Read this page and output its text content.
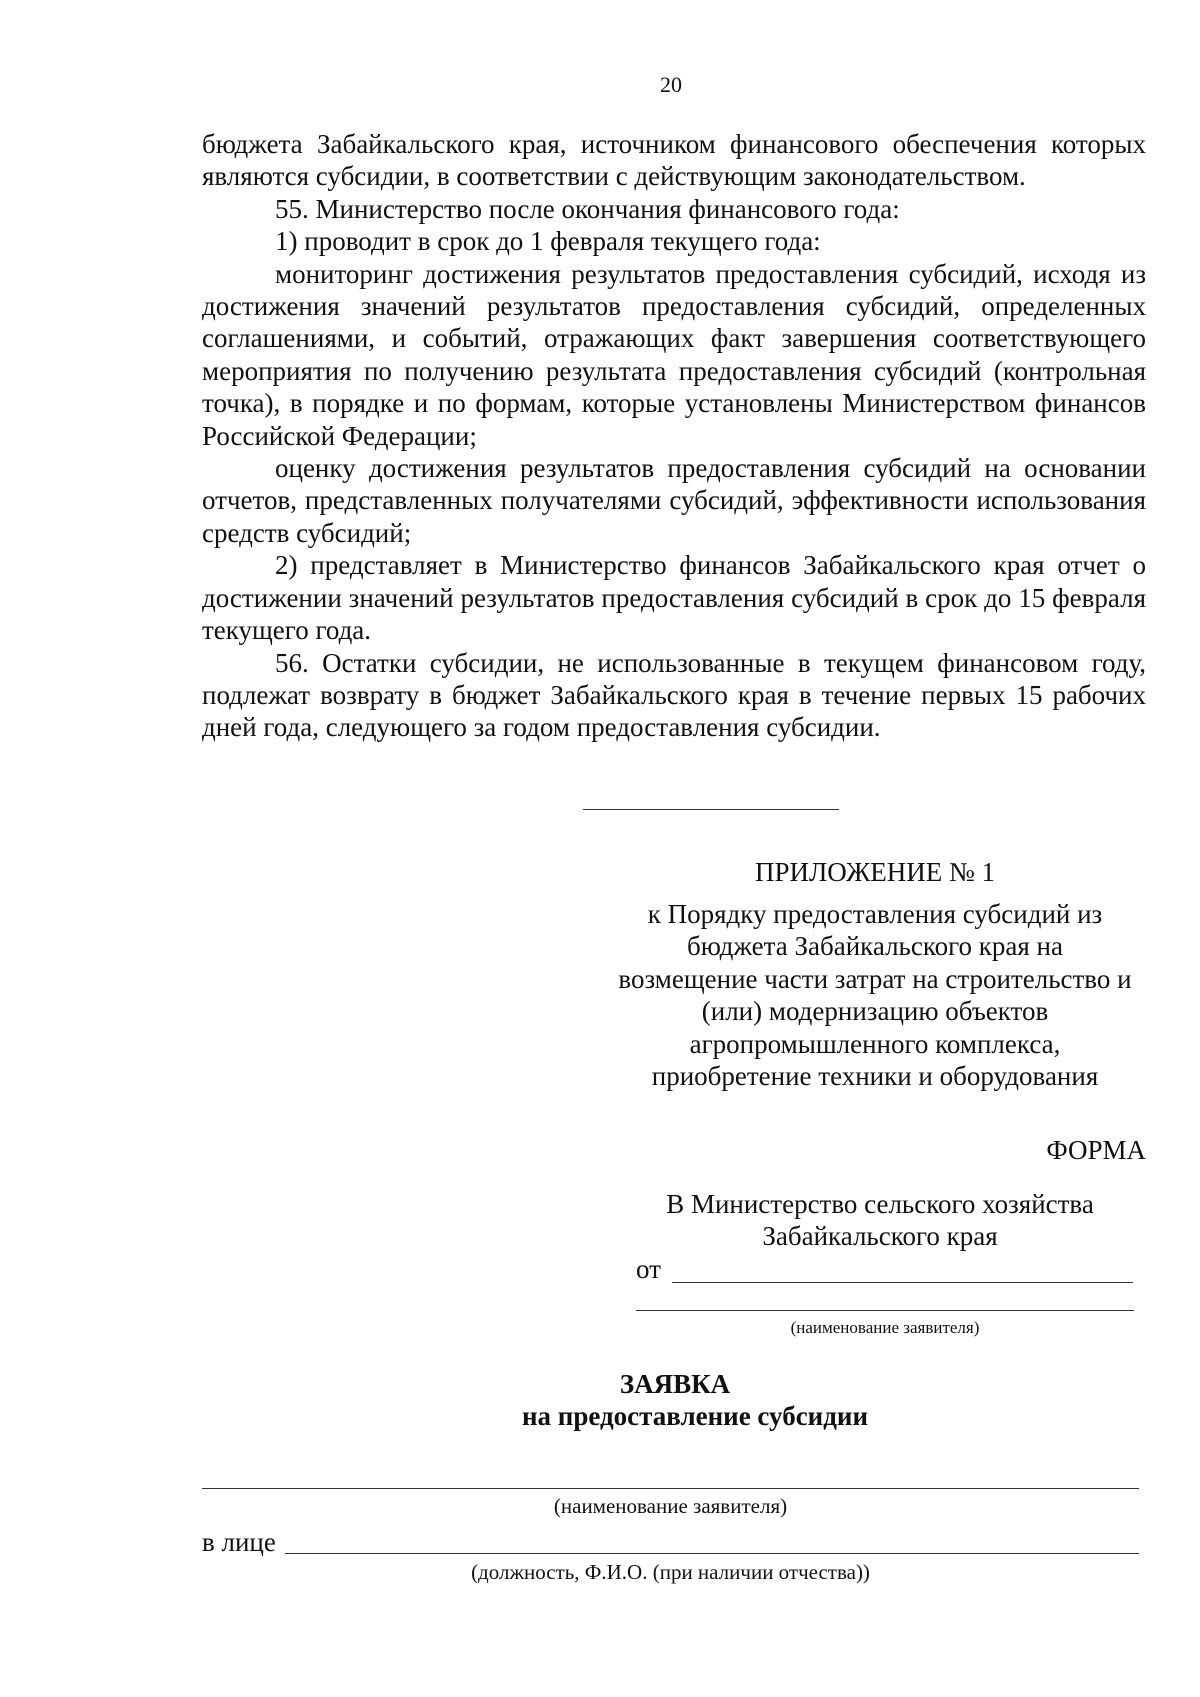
20

бюджета Забайкальского края, источником финансового обеспечения которых являются субсидии, в соответствии с действующим законодательством.

55. Министерство после окончания финансового года:

1) проводит в срок до 1 февраля текущего года:

мониторинг достижения результатов предоставления субсидий, исходя из достижения значений результатов предоставления субсидий, определенных соглашениями, и событий, отражающих факт завершения соответствующего мероприятия по получению результата предоставления субсидий (контрольная точка), в порядке и по формам, которые установлены Министерством финансов Российской Федерации;

оценку достижения результатов предоставления субсидий на основании отчетов, представленных получателями субсидий, эффективности использования средств субсидий;

2) представляет в Министерство финансов Забайкальского края отчет о достижении значений результатов предоставления субсидий в срок до 15 февраля текущего года.

56. Остатки субсидии, не использованные в текущем финансовом году, подлежат возврату в бюджет Забайкальского края в течение первых 15 рабочих дней года, следующего за годом предоставления субсидии.

ПРИЛОЖЕНИЕ № 1
к Порядку предоставления субсидий из
бюджета Забайкальского края на
возмещение части затрат на строительство и
(или) модернизацию объектов
агропромышленного комплекса,
приобретение техники и оборудования
ФОРМА
В Министерство сельского хозяйства
Забайкальского края
от
(наименование заявителя)
ЗАЯВКА
на предоставление субсидии
(наименование заявителя)
в лице
(должность, Ф.И.О. (при наличии отчества))
